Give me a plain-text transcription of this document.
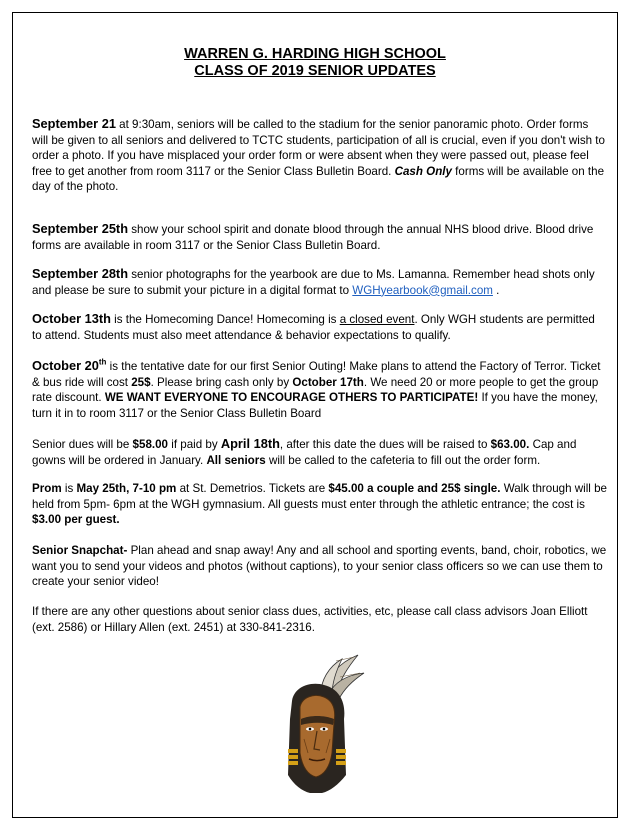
WARREN G. HARDING HIGH SCHOOL
CLASS OF 2019 SENIOR UPDATES
September 21 at 9:30am, seniors will be called to the stadium for the senior panoramic photo. Order forms will be given to all seniors and delivered to TCTC students, participation of all is crucial, even if you don't wish to order a photo. If you have misplaced your order form or were absent when they were passed out, please feel free to get another from room 3117 or the Senior Class Bulletin Board. Cash Only forms will be available on the day of the photo.
September 25th show your school spirit and donate blood through the annual NHS blood drive. Blood drive forms are available in room 3117 or the Senior Class Bulletin Board.
September 28th senior photographs for the yearbook are due to Ms. Lamanna. Remember head shots only and please be sure to submit your picture in a digital format to WGHyearbook@gmail.com .
October 13th is the Homecoming Dance! Homecoming is a closed event. Only WGH students are permitted to attend. Students must also meet attendance & behavior expectations to qualify.
October 20th is the tentative date for our first Senior Outing! Make plans to attend the Factory of Terror. Ticket & bus ride will cost 25$. Please bring cash only by October 17th. We need 20 or more people to get the group rate discount. WE WANT EVERYONE TO ENCOURAGE OTHERS TO PARTICIPATE! If you have the money, turn it in to room 3117 or the Senior Class Bulletin Board
Senior dues will be $58.00 if paid by April 18th, after this date the dues will be raised to $63.00. Cap and gowns will be ordered in January. All seniors will be called to the cafeteria to fill out the order form.
Prom is May 25th, 7-10 pm at St. Demetrios. Tickets are $45.00 a couple and 25$ single. Walk through will be held from 5pm- 6pm at the WGH gymnasium. All guests must enter through the athletic entrance; the cost is $3.00 per guest.
Senior Snapchat- Plan ahead and snap away! Any and all school and sporting events, band, choir, robotics, we want you to send your videos and photos (without captions), to your senior class officers so we can use them to create your senior video!
If there are any other questions about senior class dues, activities, etc, please call class advisors Joan Elliott (ext. 2586) or Hillary Allen (ext. 2451) at 330-841-2316.
